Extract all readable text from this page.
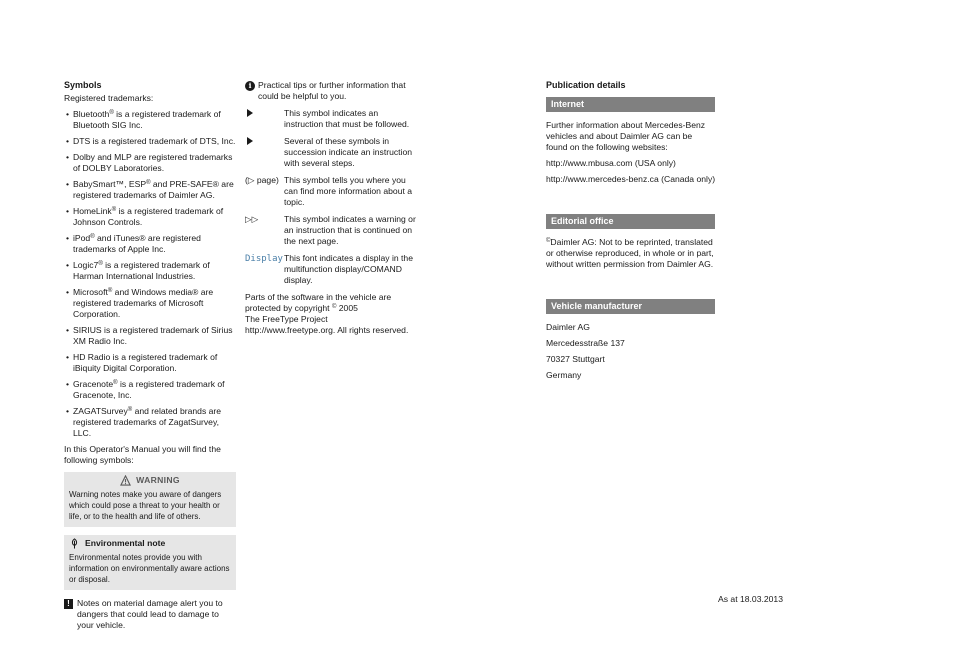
Symbols

Registered trademarks:

• Bluetooth® is a registered trademark of Bluetooth SIG Inc.
• DTS is a registered trademark of DTS, Inc.
• Dolby and MLP are registered trademarks of DOLBY Laboratories.
• BabySmart™, ESP® and PRE-SAFE® are registered trademarks of Daimler AG.
• HomeLink® is a registered trademark of Johnson Controls.
• iPod® and iTunes® are registered trademarks of Apple Inc.
• Logic7® is a registered trademark of Harman International Industries.
• Microsoft® and Windows media® are registered trademarks of Microsoft Corporation.
• SIRIUS is a registered trademark of Sirius XM Radio Inc.
• HD Radio is a registered trademark of iBiquity Digital Corporation.
• Gracenote® is a registered trademark of Gracenote, Inc.
• ZAGATSurvey® and related brands are registered trademarks of ZagatSurvey, LLC.

In this Operator's Manual you will find the following symbols:

WARNING
Warning notes make you aware of dangers which could pose a threat to your health or life, or to the health and life of others.
Environmental note
Environmental notes provide you with information on environmentally aware actions or disposal.
! Notes on material damage alert you to dangers that could lead to damage to your vehicle.
i Practical tips or further information that could be helpful to you.
This symbol indicates an instruction that must be followed.
Several of these symbols in succession indicate an instruction with several steps.
(▷ page) This symbol tells you where you can find more information about a topic.
▷▷	This symbol indicates a warning or an instruction that is continued on the next page.
Display This font indicates a display in the multifunction display/COMAND display.

Parts of the software in the vehicle are protected by copyright © 2005
The FreeType Project
http://www.freetype.org. All rights reserved.

Publication details
Internet

Further information about Mercedes-Benz vehicles and about Daimler AG can be found on the following websites:

http://www.mbusa.com (USA only)

http://www.mercedes-benz.ca (Canada only)

Editorial office

©Daimler AG: Not to be reprinted, translated or otherwise reproduced, in whole or in part, without written permission from Daimler AG.

Vehicle manufacturer

Daimler AG

Mercedesstraße 137

70327 Stuttgart

Germany

As at 18.03.2013
